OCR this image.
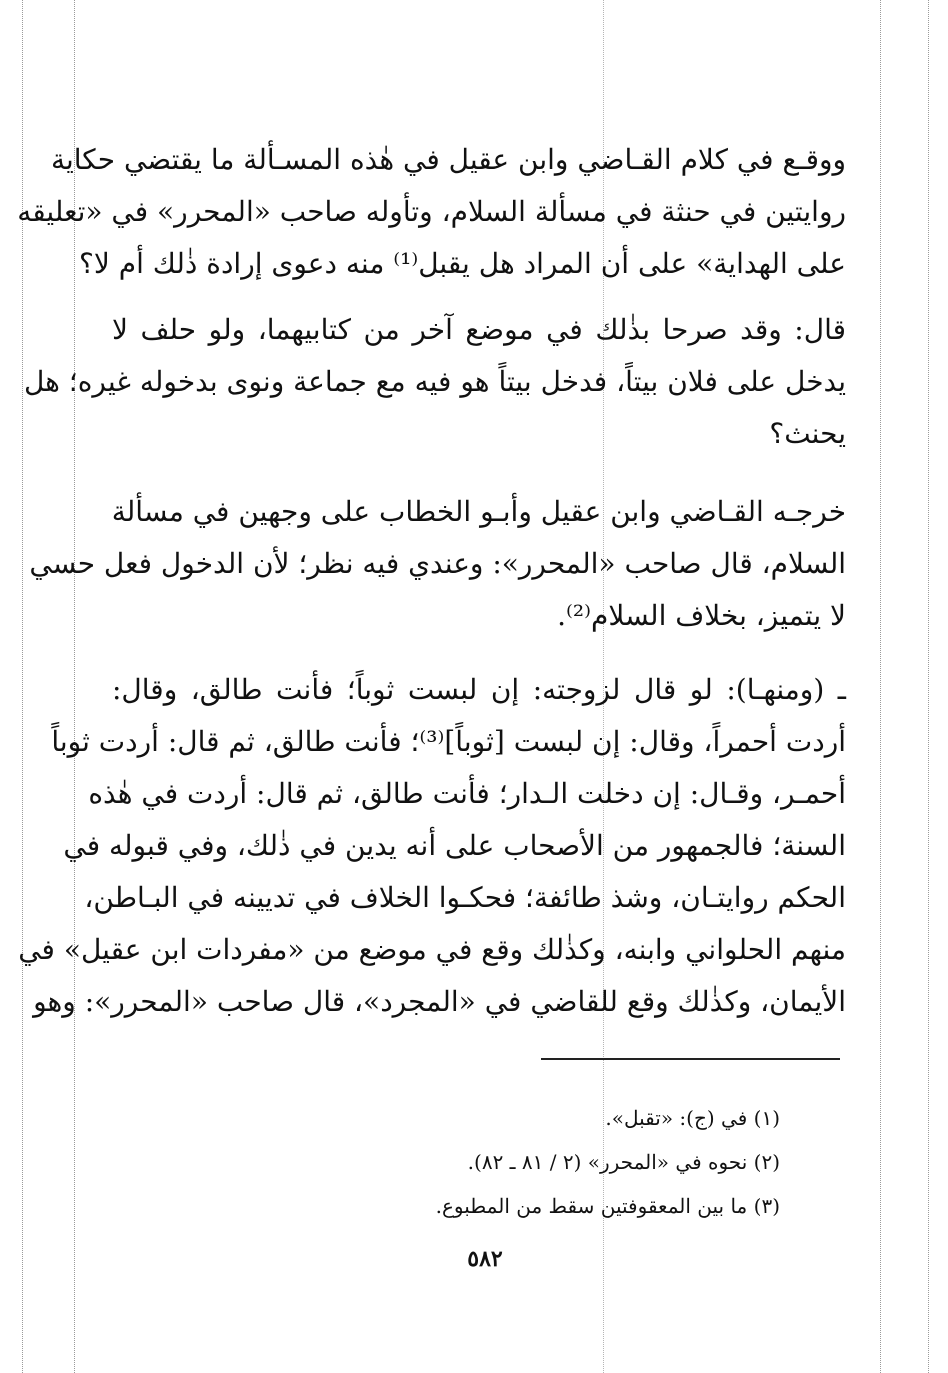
ووقـع في كلام القـاضي وابن عقيل في هٰذه المسـألة ما يقتضي حكاية
روايتين في حنثة في مسألة السلام، وتأوله صاحب «المحرر» في «تعليقه
على الهداية» على أن المراد هل يقبل⁽¹⁾ منه دعوى إرادة ذٰلك أم لا؟
قال: وقد صرحا بذٰلك في موضع آخر من كتابيهما، ولو حلف لا
يدخل على فلان بيتاً، فدخل بيتاً هو فيه مع جماعة ونوى بدخوله غيره؛ هل
يحنث؟
خرجـه القـاضي وابن عقيل وأبـو الخطاب على وجهين في مسألة
السلام، قال صاحب «المحرر»: وعندي فيه نظر؛ لأن الدخول فعل حسي
لا يتميز، بخلاف السلام⁽²⁾.
ـ (ومنهـا): لو قال لزوجته: إن لبست ثوباً؛ فأنت طالق، وقال:
أردت أحمراً، وقال: إن لبست [ثوباً]⁽³⁾؛ فأنت طالق، ثم قال: أردت ثوباً
أحمـر، وقـال: إن دخلت الـدار؛ فأنت طالق، ثم قال: أردت في هٰذه
السنة؛ فالجمهور من الأصحاب على أنه يدين في ذٰلك، وفي قبوله في
الحكم روايتـان، وشذ طائفة؛ فحكـوا الخلاف في تديينه في البـاطن،
منهم الحلواني وابنه، وكذٰلك وقع في موضع من «مفردات ابن عقيل» في
الأيمان، وكذٰلك وقع للقاضي في «المجرد»، قال صاحب «المحرر»: وهو
(١) في (ج): «تقبل».
(٢) نحوه في «المحرر» (٢ / ٨١ ـ ٨٢).
(٣) ما بين المعقوفتين سقط من المطبوع.
٥٨٢
